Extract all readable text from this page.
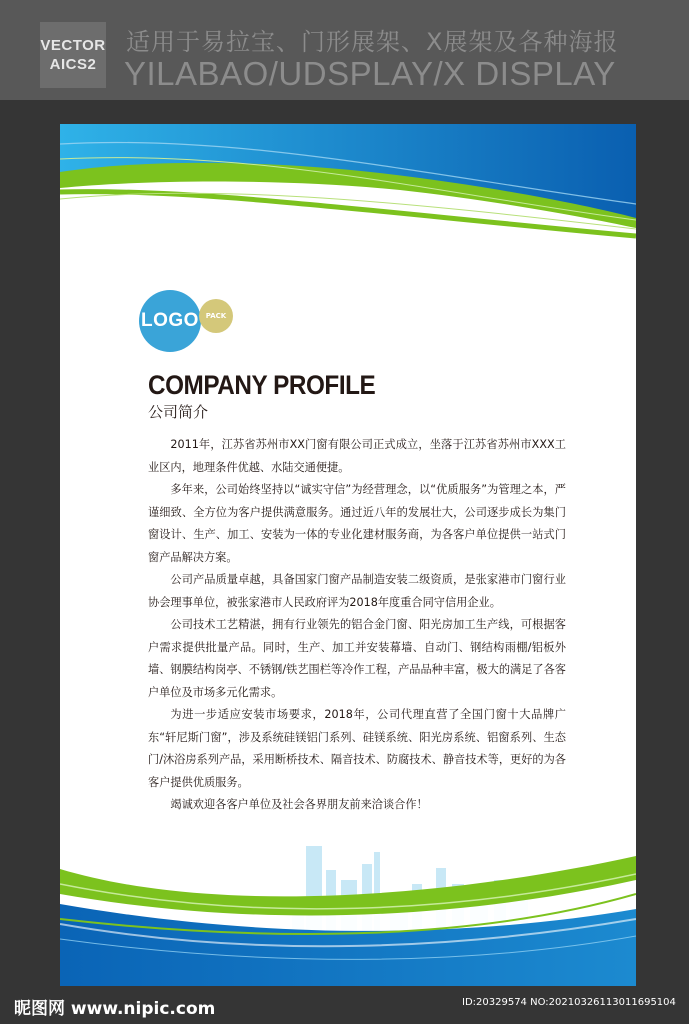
VECTOR
AICS2
适用于易拉宝、门形展架、X展架及各种海报
YILABAO/UDSPLAY/X DISPLAY
LOGO PACK
COMPANY PROFILE
公司简介

2011年，江苏省苏州市XX门窗有限公司正式成立，坐落于江苏省苏州市XXX工业区内，地理条件优越、水陆交通便捷。

多年来，公司始终坚持以“诚实守信”为经营理念，以“优质服务”为管理之本，严谨细致、全方位为客户提供满意服务。通过近八年的发展壮大，公司逐步成长为集门窗设计、生产、加工、安装为一体的专业化建材服务商，为各客户单位提供一站式门窗产品解决方案。

公司产品质量卓越，具备国家门窗产品制造安装二级资质，是张家港市门窗行业协会理事单位，被张家港市人民政府评为2018年度重合同守信用企业。

公司技术工艺精湛，拥有行业领先的铝合金门窗、阳光房加工生产线，可根据客户需求提供批量产品。同时，生产、加工并安装幕墙、自动门、钢结构雨棚/铝板外墙、钢膜结构岗亭、不锈钢/铁艺围栏等冷作工程，产品品种丰富，极大的满足了各客户单位及市场多元化需求。

为进一步适应安装市场要求，2018年，公司代理直营了全国门窗十大品牌广东“轩尼斯门窗”，涉及系统硅镁铝门系列、硅镁系统、阳光房系统、铝窗系列、生态门/沐浴房系列产品，采用断桥技术、隔音技术、防腐技术、静音技术等，更好的为各客户提供优质服务。

竭诚欢迎各客户单位及社会各界朋友前来洽谈合作！

昵图网 www.nipic.com	ID:20329574 NO:20210326113011695104
